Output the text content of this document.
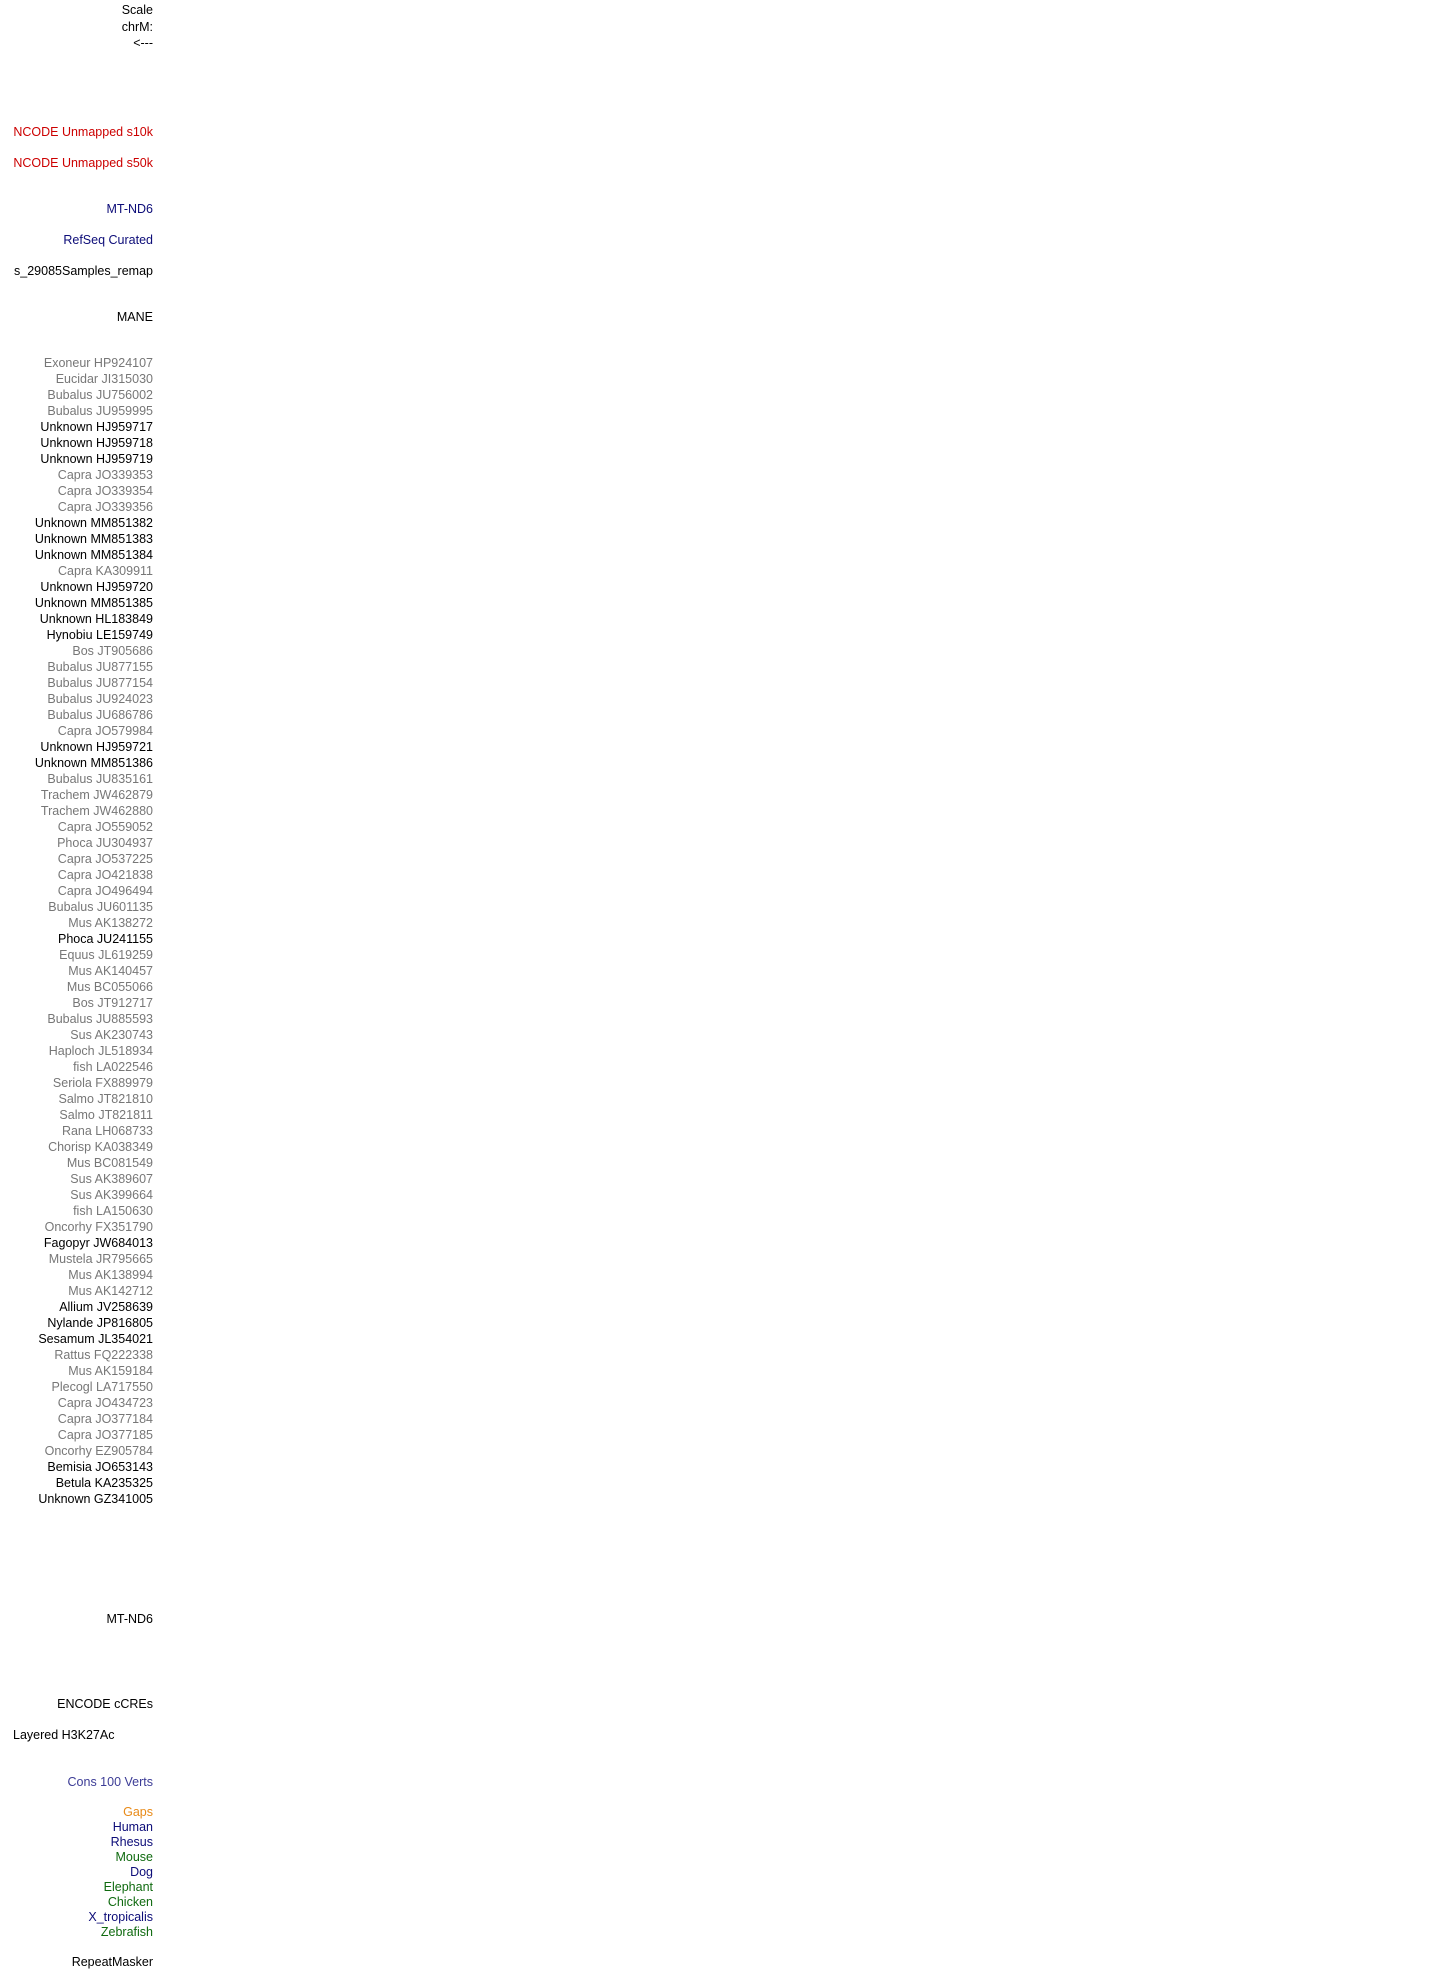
Scale
chrM:
<---
NCODE Unmapped s10k
NCODE Unmapped s50k
MT-ND6
RefSeq Curated
s_29085Samples_remap
MANE
Exoneur HP924107
Eucidar JI315030
Bubalus JU756002
Bubalus JU959995
Unknown HJ959717
Unknown HJ959718
Unknown HJ959719
Capra JO339353
Capra JO339354
Capra JO339356
Unknown MM851382
Unknown MM851383
Unknown MM851384
Capra KA309911
Unknown HJ959720
Unknown MM851385
Unknown HL183849
Hynobiu LE159749
Bos JT905686
Bubalus JU877155
Bubalus JU877154
Bubalus JU924023
Bubalus JU686786
Capra JO579984
Unknown HJ959721
Unknown MM851386
Bubalus JU835161
Trachem JW462879
Trachem JW462880
Capra JO559052
Phoca JU304937
Capra JO537225
Capra JO421838
Capra JO496494
Bubalus JU601135
Mus AK138272
Phoca JU241155
Equus JL619259
Mus AK140457
Mus BC055066
Bos JT912717
Bubalus JU885593
Sus AK230743
Haploch JL518934
fish LA022546
Seriola FX889979
Salmo JT821810
Salmo JT821811
Rana LH068733
Chorisp KA038349
Mus BC081549
Sus AK389607
Sus AK399664
fish LA150630
Oncorhy FX351790
Fagopyr JW684013
Mustela JR795665
Mus AK138994
Mus AK142712
Allium JV258639
Nylande JP816805
Sesamum JL354021
Rattus FQ222338
Mus AK159184
Plecogl LA717550
Capra JO434723
Capra JO377184
Capra JO377185
Oncorhy EZ905784
Bemisia JO653143
Betula KA235325
Unknown GZ341005
MT-ND6
ENCODE cCREs
Layered H3K27Ac
Cons 100 Verts
Gaps
Human
Rhesus
Mouse
Dog
Elephant
Chicken
X_tropicalis
Zebrafish
RepeatMasker
